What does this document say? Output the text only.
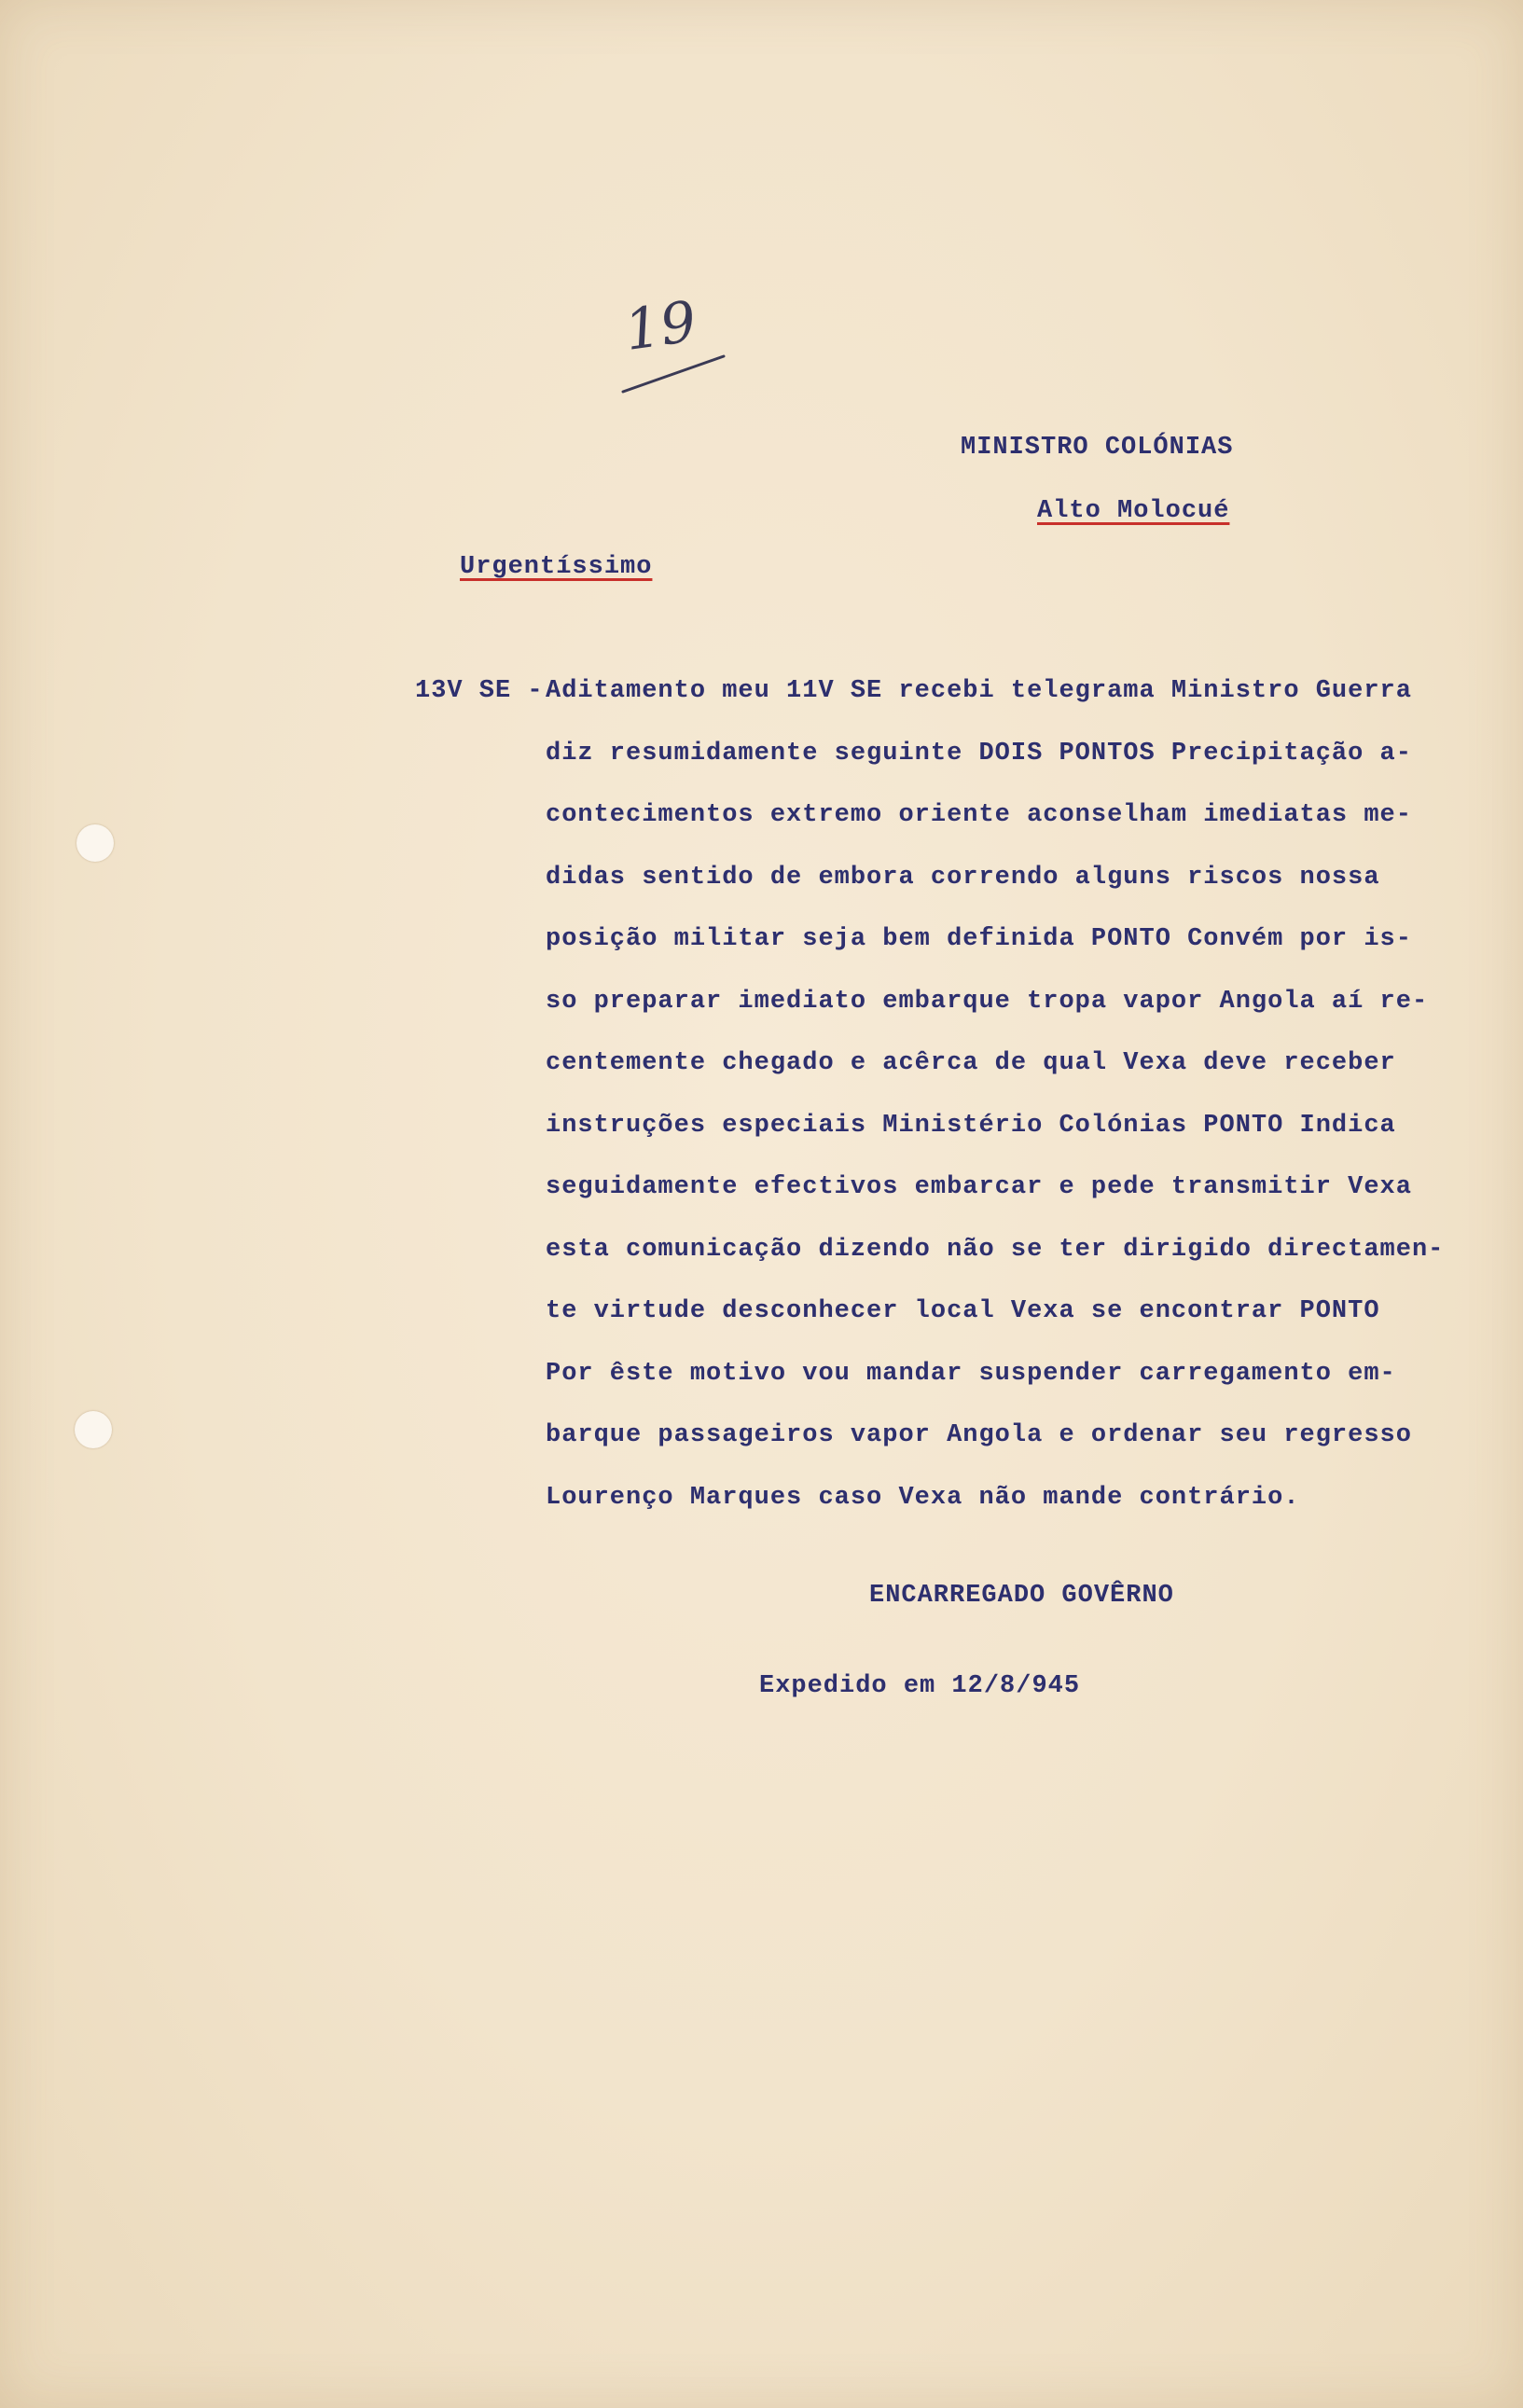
19
MINISTRO COLÓNIAS
Alto Molocué
Urgentíssimo
13V SE - Aditamento meu 11V SE recebi telegrama Ministro Guerra
diz resumidamente seguinte DOIS PONTOS Precipitação a-
contecimentos extremo oriente aconselham imediatas me-
didas sentido de embora correndo alguns riscos nossa
posição militar seja bem definida PONTO Convém por is-
so preparar imediato embarque tropa vapor Angola aí re-
centemente chegado e acêrca de qual Vexa deve receber
instruções especiais Ministério Colónias PONTO Indica
seguidamente efectivos embarcar e pede transmitir Vexa
esta comunicação dizendo não se ter dirigido directamen-
te virtude desconhecer local Vexa se encontrar PONTO
Por êste motivo vou mandar suspender carregamento em-
barque passageiros vapor Angola e ordenar seu regresso
Lourenço Marques caso Vexa não mande contrário.
ENCARREGADO GOVÊRNO
Expedido em 12/8/945
